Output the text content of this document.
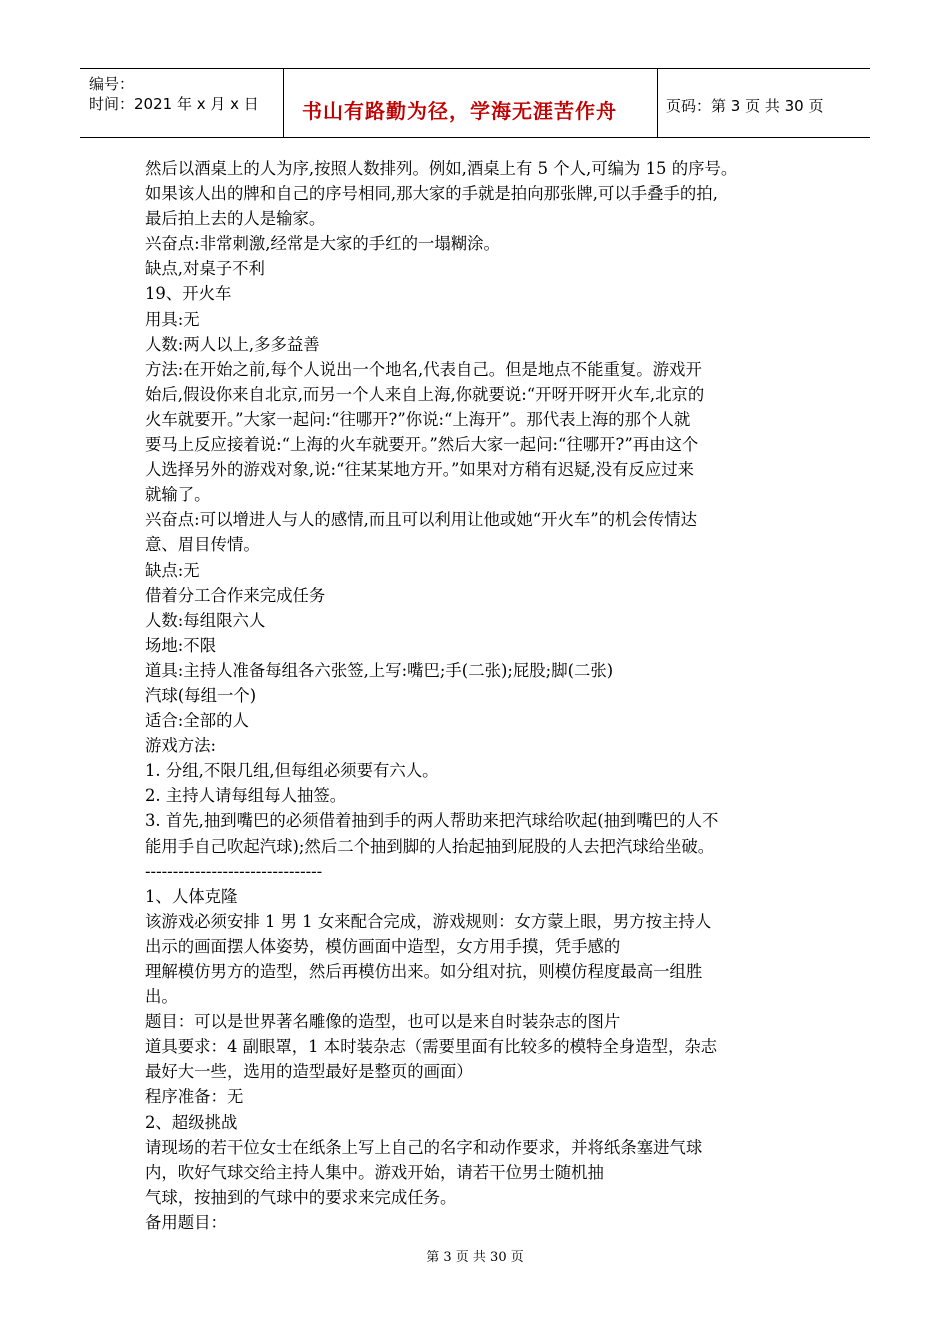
编号：
时间：2021 年 x 月 x 日 书山有路勤为径，学海无涯苦作舟	页码：第 3 页 共 30 页
然后以酒桌上的人为序,按照人数排列。例如,酒桌上有 5 个人,可编为 15 的序号。
如果该人出的牌和自己的序号相同,那大家的手就是拍向那张牌,可以手叠手的拍,
最后拍上去的人是输家。
兴奋点:非常刺激,经常是大家的手红的一塌糊涂。
缺点,对桌子不利
19、开火车
用具:无
人数:两人以上,多多益善
方法:在开始之前,每个人说出一个地名,代表自己。但是地点不能重复。游戏开
始后,假设你来自北京,而另一个人来自上海,你就要说:“开呀开呀开火车,北京的
火车就要开。”大家一起问:“往哪开?”你说:“上海开”。那代表上海的那个人就
要马上反应接着说:“上海的火车就要开。”然后大家一起问:“往哪开?”再由这个
人选择另外的游戏对象,说:“往某某地方开。”如果对方稍有迟疑,没有反应过来
就输了。
兴奋点:可以增进人与人的感情,而且可以利用让他或她“开火车”的机会传情达
意、眉目传情。
缺点:无
借着分工合作来完成任务
人数:每组限六人
场地:不限
道具:主持人准备每组各六张签,上写:嘴巴;手(二张);屁股;脚(二张)
汽球(每组一个)
适合:全部的人
游戏方法:
1. 分组,不限几组,但每组必须要有六人。
2. 主持人请每组每人抽签。
3. 首先,抽到嘴巴的必须借着抽到手的两人帮助来把汽球给吹起(抽到嘴巴的人不
能用手自己吹起汽球);然后二个抽到脚的人抬起抽到屁股的人去把汽球给坐破。
--------------------------------
1、人体克隆
该游戏必须安排 1 男 1 女来配合完成，游戏规则：女方蒙上眼，男方按主持人
出示的画面摆人体姿势，模仿画面中造型，女方用手摸，凭手感的
理解模仿男方的造型，然后再模仿出来。如分组对抗，则模仿程度最高一组胜
出。
题目：可以是世界著名雕像的造型，也可以是来自时装杂志的图片
道具要求：4 副眼罩，1 本时装杂志（需要里面有比较多的模特全身造型，杂志
最好大一些，选用的造型最好是整页的画面）
程序准备：无
2、超级挑战
请现场的若干位女士在纸条上写上自己的名字和动作要求，并将纸条塞进气球
内，吹好气球交给主持人集中。游戏开始，请若干位男士随机抽
气球，按抽到的气球中的要求来完成任务。
备用题目：
第 3 页 共 30 页
